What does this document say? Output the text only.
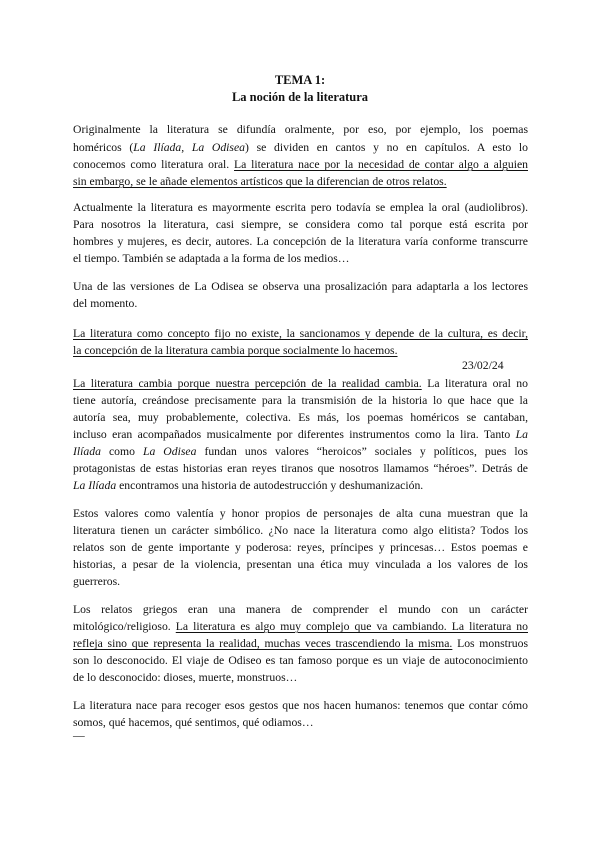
TEMA 1:
La noción de la literatura
Originalmente la literatura se difundía oralmente, por eso, por ejemplo, los poemas
homéricos (La Ilíada, La Odisea) se dividen en cantos y no en capítulos. A esto lo
conocemos como literatura oral. La literatura nace por la necesidad de contar algo a alguien
sin embargo, se le añade elementos artísticos que la diferencian de otros relatos.
Actualmente la literatura es mayormente escrita pero todavía se emplea la oral (audiolibros).
Para nosotros la literatura, casi siempre, se considera como tal porque está escrita por
hombres y mujeres, es decir, autores. La concepción de la literatura varía conforme transcurre
el tiempo. También se adaptada a la forma de los medios…
Una de las versiones de La Odisea se observa una prosalización para adaptarla a los lectores
del momento.
La literatura como concepto fijo no existe, la sancionamos y depende de la cultura, es decir,
la concepción de la literatura cambia porque socialmente lo hacemos.
23/02/24
La literatura cambia porque nuestra percepción de la realidad cambia. La literatura oral no
tiene autoría, creándose precisamente para la transmisión de la historia lo que hace que la
autoría sea, muy probablemente, colectiva. Es más, los poemas homéricos se cantaban,
incluso eran acompañados musicalmente por diferentes instrumentos como la lira. Tanto La
Ilíada como La Odisea fundan unos valores “heroicos” sociales y políticos, pues los
protagonistas de estas historias eran reyes tiranos que nosotros llamamos “héroes”. Detrás de
La Ilíada encontramos una historia de autodestrucción y deshumanización.
Estos valores como valentía y honor propios de personajes de alta cuna muestran que la
literatura tienen un carácter simbólico. ¿No nace la literatura como algo elitista? Todos los
relatos son de gente importante y poderosa: reyes, príncipes y princesas… Estos poemas e
historias, a pesar de la violencia, presentan una ética muy vinculada a los valores de los
guerreros.
Los relatos griegos eran una manera de comprender el mundo con un carácter
mitológico/religioso. La literatura es algo muy complejo que va cambiando. La literatura no
refleja sino que representa la realidad, muchas veces trascendiendo la misma. Los monstruos
son lo desconocido. El viaje de Odiseo es tan famoso porque es un viaje de autoconocimiento
de lo desconocido: dioses, muerte, monstruos…
La literatura nace para recoger esos gestos que nos hacen humanos: tenemos que contar cómo
somos, qué hacemos, qué sentimos, qué odiamos…
—
